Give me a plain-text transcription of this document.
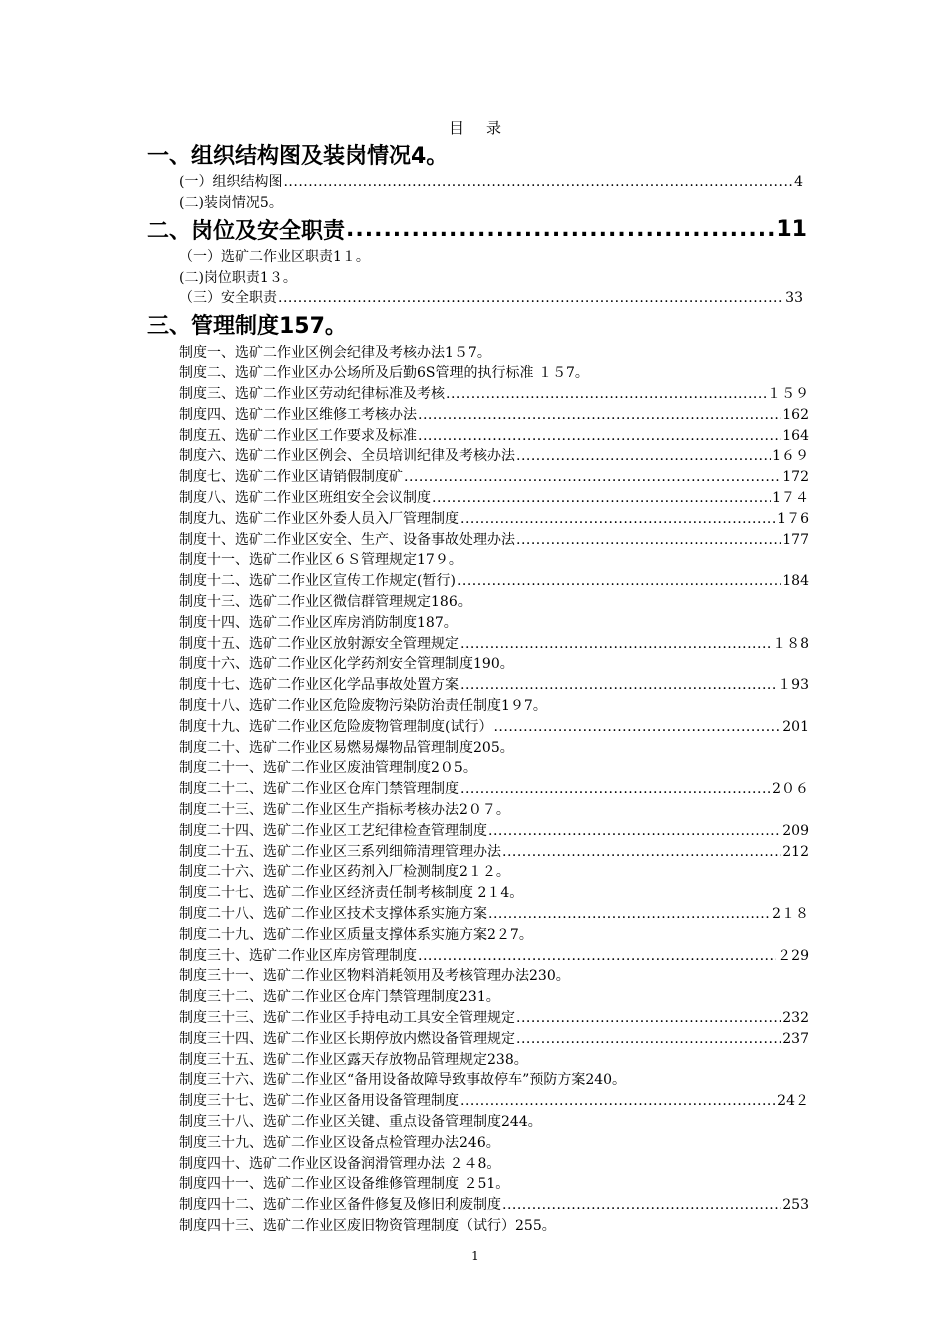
目录
一、组织结构图及装岗情况4。
(一）组织结构图 .....	4
(二)装岗情况5。
二、岗位及安全职责 .....	11
（一）选矿二作业区职责1１。
(二)岗位职责1３。
（三）安全职责 .....	33
三、管理制度157。
制度一、选矿二作业区例会纪律及考核办法1５7。
制度二、选矿二作业区办公场所及后勤6S管理的执行标准 １５7。
制度三、选矿二作业区劳动纪律标准及考核 .....	１５９
制度四、选矿二作业区维修工考核办法 .....	162
制度五、选矿二作业区工作要求及标准 .....	164
制度六、选矿二作业区例会、全员培训纪律及考核办法 .....	1６９
制度七、选矿二作业区请销假制度矿 .....	172
制度八、选矿二作业区班组安全会议制度 .....	1７４
制度九、选矿二作业区外委人员入厂管理制度 .....	1７6
制度十、选矿二作业区安全、生产、设备事故处理办法 .....	177
制度十一、选矿二作业区６Ｓ管理规定17９。
制度十二、选矿二作业区宣传工作规定(暂行) .....	184
制度十三、选矿二作业区微信群管理规定186。
制度十四、选矿二作业区库房消防制度187。
制度十五、选矿二作业区放射源安全管理规定 .....	１８8
制度十六、选矿二作业区化学药剂安全管理制度190。
制度十七、选矿二作业区化学品事故处置方案 .....	１93
制度十八、选矿二作业区危险废物污染防治责任制度1９7。
制度十九、选矿二作业区危险废物管理制度(试行） .....	201
制度二十、选矿二作业区易燃易爆物品管理制度205。
制度二十一、选矿二作业区废油管理制度2０5。
制度二十二、选矿二作业区仓库门禁管理制度 .....	2０６
制度二十三、选矿二作业区生产指标考核办法2０７。
制度二十四、选矿二作业区工艺纪律检查管理制度 .....	209
制度二十五、选矿二作业区三系列细筛清理管理办法 .....	212
制度二十六、选矿二作业区药剂入厂检测制度2１２。
制度二十七、选矿二作业区经济责任制考核制度 2１4。
制度二十八、选矿二作业区技术支撑体系实施方案 .....	2１８
制度二十九、选矿二作业区质量支撑体系实施方案2２7。
制度三十、选矿二作业区库房管理制度 .....	２29
制度三十一、选矿二作业区物料消耗领用及考核管理办法230。
制度三十二、选矿二作业区仓库门禁管理制度231。
制度三十三、选矿二作业区手持电动工具安全管理规定 .....	232
制度三十四、选矿二作业区长期停放内燃设备管理规定 .....	237
制度三十五、选矿二作业区露天存放物品管理规定238。
制度三十六、选矿二作业区“备用设备故障导致事故停车”预防方案240。
制度三十七、选矿二作业区备用设备管理制度 .....	24２
制度三十八、选矿二作业区关键、重点设备管理制度244。
制度三十九、选矿二作业区设备点检管理办法246。
制度四十、选矿二作业区设备润滑管理办法 ２４8。
制度四十一、选矿二作业区设备维修管理制度 ２51。
制度四十二、选矿二作业区备件修复及修旧利废制度 .....	253
制度四十三、选矿二作业区废旧物资管理制度（试行）255。
1
